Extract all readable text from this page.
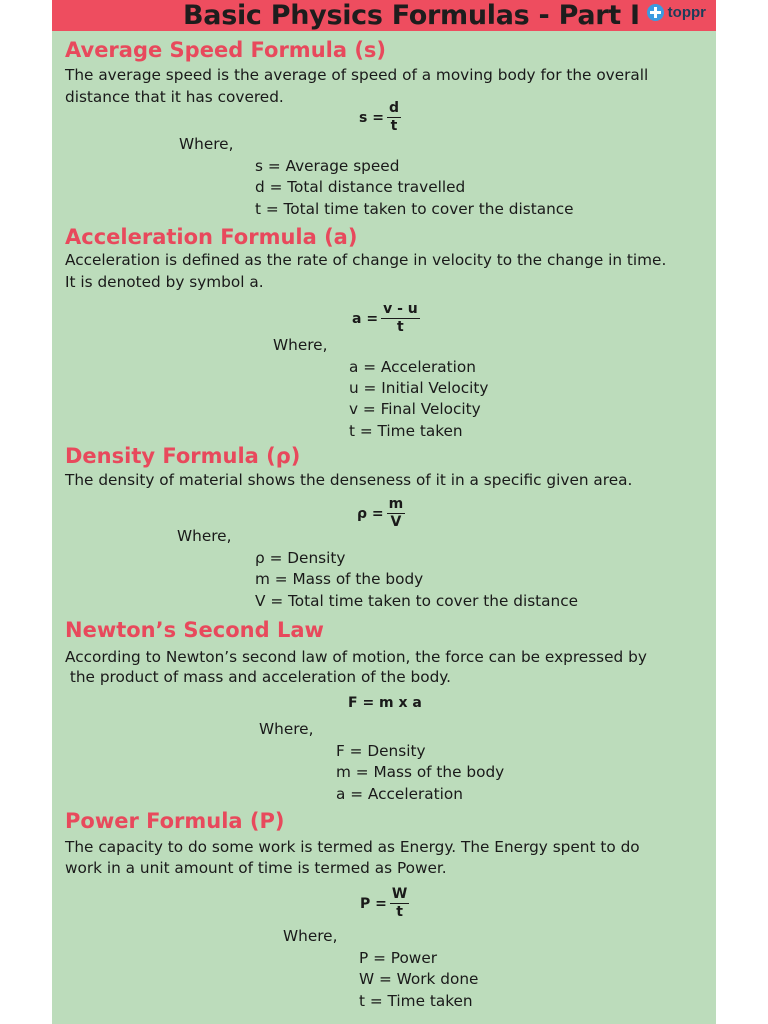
Basic Physics Formulas - Part I toppr
Average Speed Formula (s)
The average speed is the average of speed of a moving body for the overall
distance that it has covered.
$s = \frac{d}{t}$
Where,
s = Average speed
d = Total distance travelled
t = Total time taken to cover the distance
Acceleration Formula (a)
Acceleration is defined as the rate of change in velocity to the change in time.
It is denoted by symbol a.
$a = \frac{v - u}{t}$
Where,
a = Acceleration
u = Initial Velocity
v = Final Velocity
t = Time taken
Density Formula (ρ)
The density of material shows the denseness of it in a specific given area.
$\rho = \frac{m}{V}$
Where,
ρ = Density
m = Mass of the body
V = Total time taken to cover the distance
Newton’s Second Law
According to Newton’s second law of motion, the force can be expressed by
the product of mass and acceleration of the body.
F = m x a
Where,
F = Density
m = Mass of the body
a = Acceleration
Power Formula (P)
The capacity to do some work is termed as Energy. The Energy spent to do
work in a unit amount of time is termed as Power.
$P = \frac{W}{t}$
Where,
P = Power
W = Work done
t = Time taken
